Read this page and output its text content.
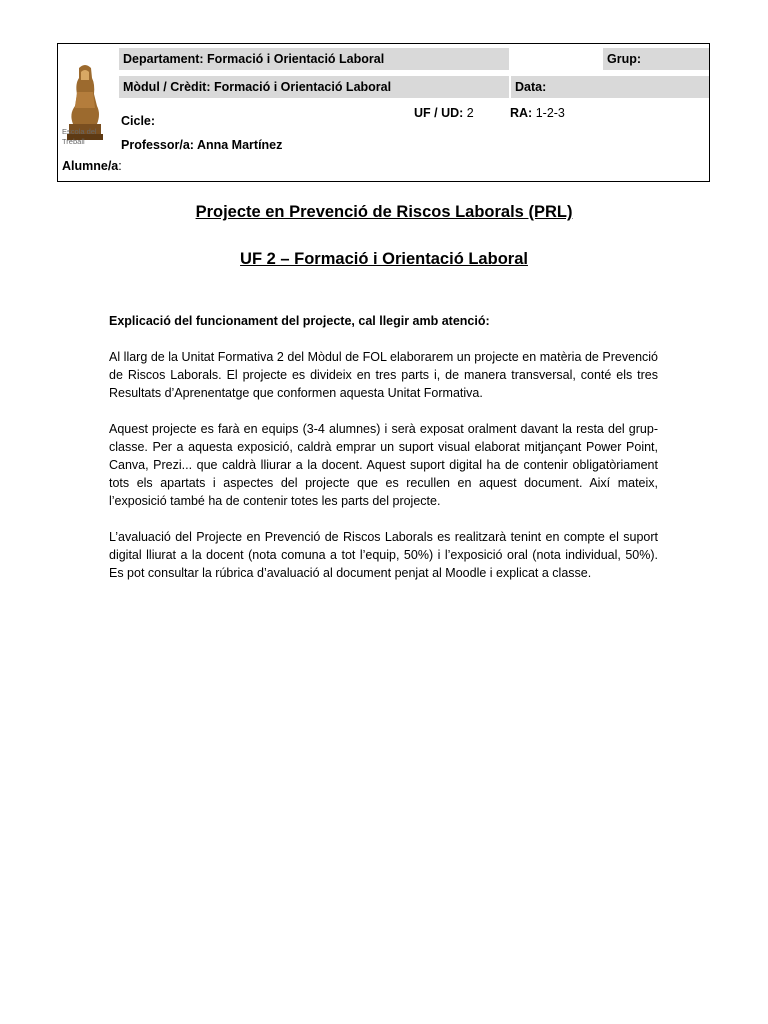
Escola del
Treball
Departament: Formació i Orientació Laboral	Grup:
Mòdul / Crèdit: Formació i Orientació Laboral	Data:
Cicle:
UF / UD: 2	RA: 1-2-3
Professor/a: Anna Martínez
Alumne/a:
Projecte en Prevenció de Riscos Laborals (PRL)
UF 2 – Formació i Orientació Laboral

Explicació del funcionament del projecte, cal llegir amb atenció:

Al llarg de la Unitat Formativa 2 del Mòdul de FOL elaborarem un projecte en matèria de Prevenció de Riscos Laborals. El projecte es divideix en tres parts i, de manera transversal, conté els tres Resultats d’Aprenentatge que conformen aquesta Unitat Formativa.

Aquest projecte es farà en equips (3-4 alumnes) i serà exposat oralment davant la resta del grup-classe. Per a aquesta exposició, caldrà emprar un suport visual elaborat mitjançant Power Point, Canva, Prezi... que caldrà lliurar a la docent. Aquest suport digital ha de contenir obligatòriament tots els apartats i aspectes del projecte que es recullen en aquest document. Així mateix, l’exposició també ha de contenir totes les parts del projecte.

L’avaluació del Projecte en Prevenció de Riscos Laborals es realitzarà tenint en compte el suport digital lliurat a la docent (nota comuna a tot l’equip, 50%) i l’exposició oral (nota individual, 50%). Es pot consultar la rúbrica d’avaluació al document penjat al Moodle i explicat a classe.
